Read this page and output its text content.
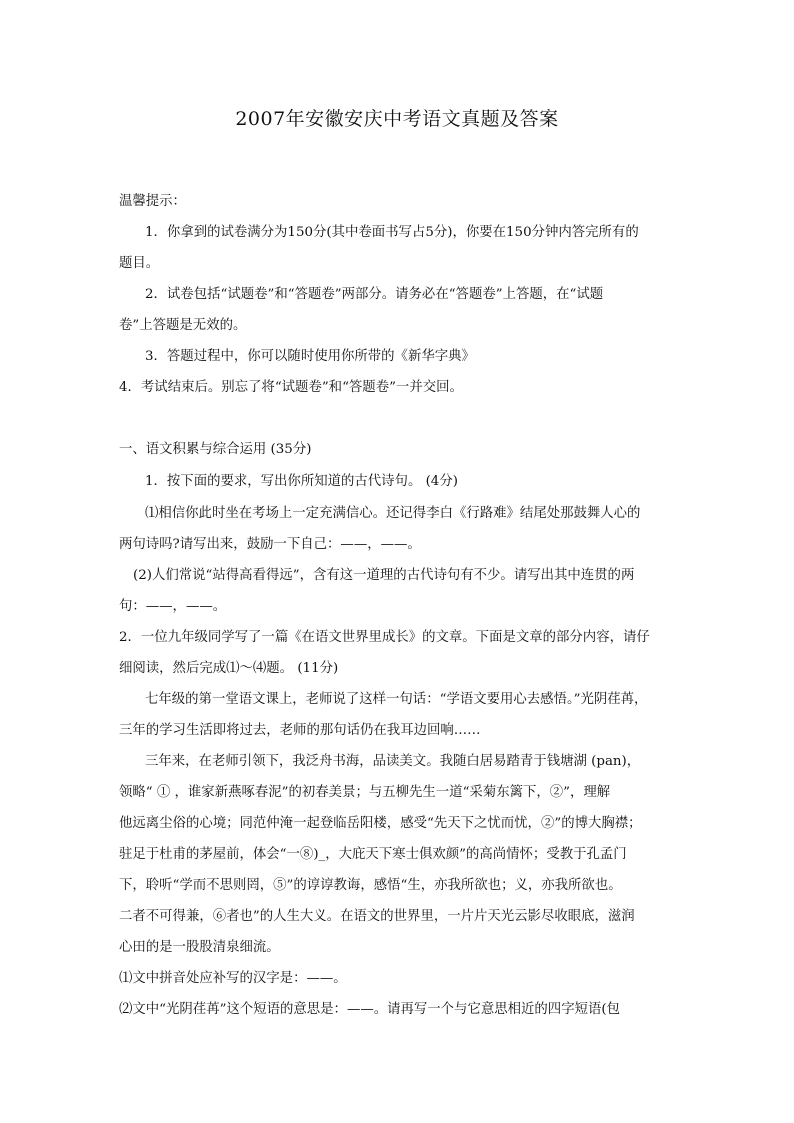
2007年安徽安庆中考语文真题及答案
温馨提示：
1．你拿到的试卷满分为150分(其中卷面书写占5分)，你要在150分钟内答完所有的
题目。
2．试卷包括“试题卷”和“答题卷”两部分。请务必在“答题卷”上答题，在“试题
卷”上答题是无效的。
3．答题过程中，你可以随时使用你所带的《新华字典》
4．考试结束后。别忘了将“试题卷”和“答题卷”一并交回。
一、语文积累与综合运用 (35分)
1．按下面的要求，写出你所知道的古代诗句。 (4分)
⑴相信你此时坐在考场上一定充满信心。还记得李白《行路难》结尾处那鼓舞人心的
两句诗吗?请写出来，鼓励一下自己：——，——。
(2)人们常说“站得高看得远”，含有这一道理的古代诗句有不少。请写出其中连贯的两
句：——，——。
2．一位九年级同学写了一篇《在语文世界里成长》的文章。下面是文章的部分内容，请仔
细阅读，然后完成⑴～⑷题。 (11分)
七年级的第一堂语文课上，老师说了这样一句话：“学语文要用心去感悟。”光阴荏苒，
三年的学习生活即将过去，老师的那句话仍在我耳边回响……
三年来，在老师引领下，我泛舟书海，品读美文。我随白居易踏青于钱塘湖 (pan)，
领略“ ① ，谁家新燕啄春泥”的初春美景；与五柳先生一道“采菊东篱下，②”，理解
他远离尘俗的心境；同范仲淹一起登临岳阳楼，感受“先天下之忧而忧，②”的博大胸襟；
驻足于杜甫的茅屋前，体会“一⑧)_，大庇天下寒士俱欢颜”的高尚情怀；受教于孔孟门
下，聆听“学而不思则罔，⑤”的谆谆教诲，感悟“生，亦我所欲也；义，亦我所欲也。
二者不可得兼，⑥者也”的人生大义。在语文的世界里，一片片天光云影尽收眼底，滋润
心田的是一股股清泉细流。
⑴文中拼音处应补写的汉字是：——。
⑵文中“光阴荏苒”这个短语的意思是：——。请再写一个与它意思相近的四字短语(包
